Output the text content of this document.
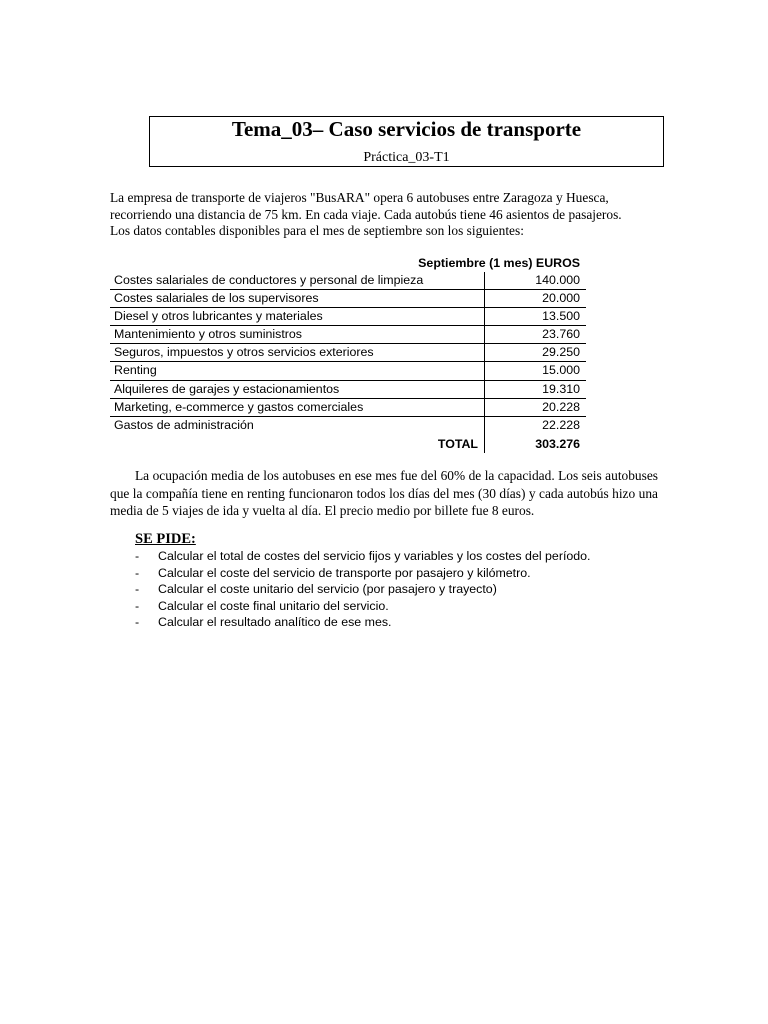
Tema_03– Caso servicios de transporte
Práctica_03-T1

La empresa de transporte de viajeros "BusARA" opera 6 autobuses entre Zaragoza y Huesca,

recorriendo una distancia de 75 km. En cada viaje. Cada autobús tiene 46 asientos de pasajeros.

Los datos contables disponibles para el mes de septiembre son los siguientes:

Septiembre (1 mes) EUROS
Costes salariales de conductores y personal de limpieza	140.000
Costes salariales de los supervisores	20.000
Diesel y otros lubricantes y materiales	13.500
Mantenimiento y otros suministros	23.760
Seguros, impuestos y otros servicios exteriores	29.250
Renting	15.000
Alquileres de garajes y estacionamientos	19.310
Marketing, e-commerce y gastos comerciales	20.228
Gastos de administración	22.228
TOTAL	303.276

La ocupación media de los autobuses en ese mes fue del 60% de la capacidad. Los seis autobuses que la compañía tiene en renting funcionaron todos los días del mes (30 días) y cada autobús hizo una media de 5 viajes de ida y vuelta al día. El precio medio por billete fue 8 euros.

SE PIDE:
-	Calcular el total de costes del servicio fijos y variables y los costes del período.
-	Calcular el coste del servicio de transporte por pasajero y kilómetro.
-	Calcular el coste unitario del servicio (por pasajero y trayecto)
-	Calcular el coste final unitario del servicio.
-	Calcular el resultado analítico de ese mes.
